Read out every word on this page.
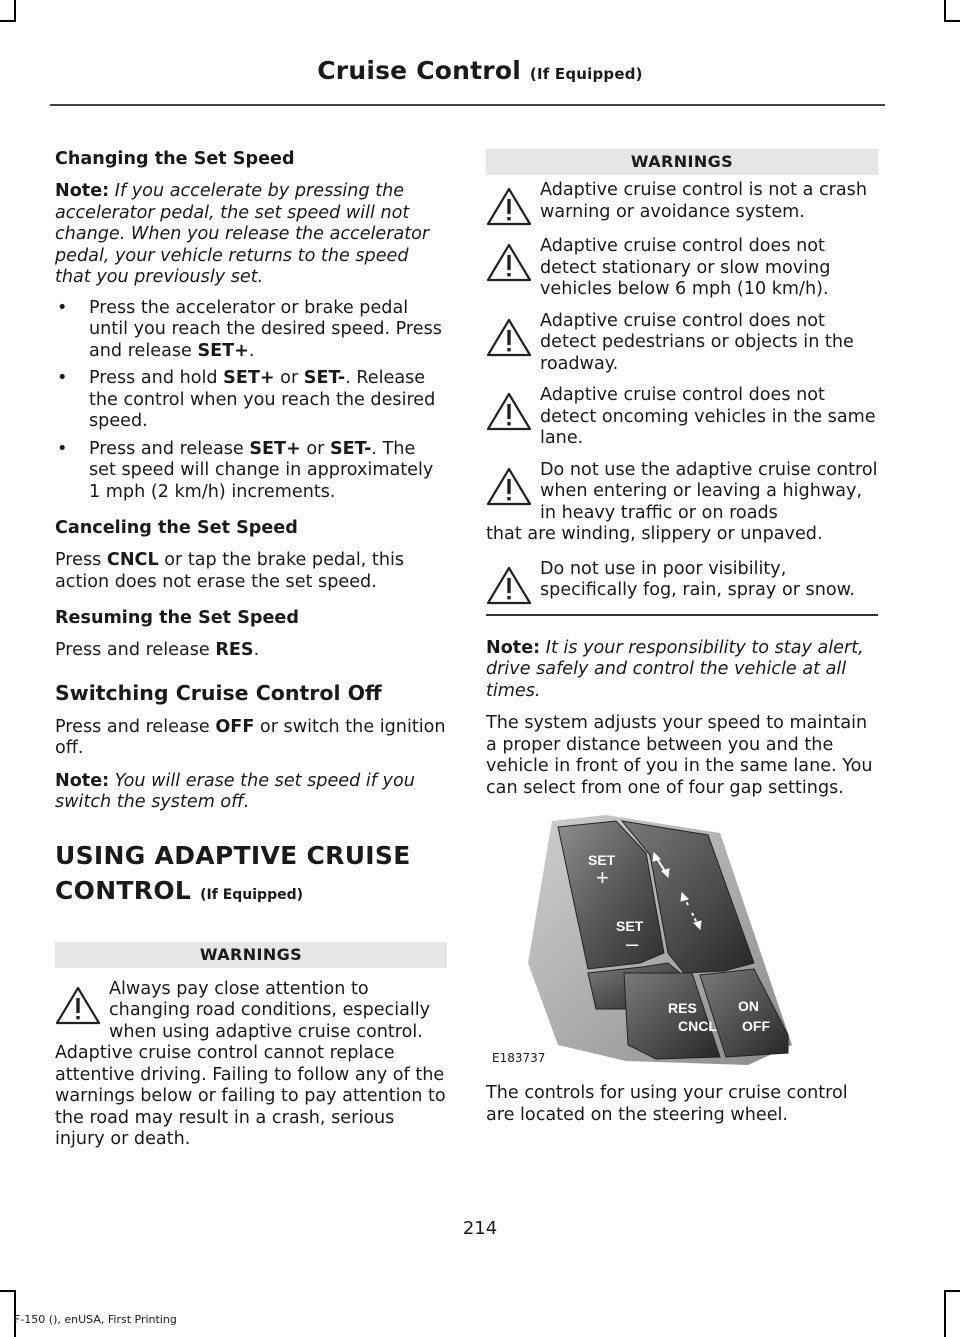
Cruise Control (If Equipped)
Changing the Set Speed

Note: If you accelerate by pressing the accelerator pedal, the set speed will not change. When you release the accelerator pedal, your vehicle returns to the speed that you previously set.

• Press the accelerator or brake pedal until you reach the desired speed. Press and release SET+.
• Press and hold SET+ or SET-. Release the control when you reach the desired speed.
• Press and release SET+ or SET-. The set speed will change in approximately 1 mph (2 km/h) increments.
Canceling the Set Speed

Press CNCL or tap the brake pedal, this action does not erase the set speed.

Resuming the Set Speed

Press and release RES.

Switching Cruise Control Off

Press and release OFF or switch the ignition off.

Note: You will erase the set speed if you switch the system off.

USING ADAPTIVE CRUISE
CONTROL (If Equipped)
WARNINGS
Always pay close attention to changing road conditions, especially when using adaptive cruise control.
Adaptive cruise control cannot replace attentive driving. Failing to follow any of the warnings below or failing to pay attention to the road may result in a crash, serious injury or death.
WARNINGS
Adaptive cruise control is not a crash warning or avoidance system.
Adaptive cruise control does not detect stationary or slow moving vehicles below 6 mph (10 km/h).
Adaptive cruise control does not detect pedestrians or objects in the roadway.
Adaptive cruise control does not detect oncoming vehicles in the same lane.
Do not use the adaptive cruise control when entering or leaving a highway, in heavy traffic or on roads
that are winding, slippery or unpaved.
Do not use in poor visibility, specifically fog, rain, spray or snow.

Note: It is your responsibility to stay alert, drive safely and control the vehicle at all times.

The system adjusts your speed to maintain a proper distance between you and the vehicle in front of you in the same lane. You can select from one of four gap settings.

SET
+
SET
–
RES
CNCL
ON
OFF
E183737

The controls for using your cruise control are located on the steering wheel.

214
F-150 (), enUSA, First Printing
